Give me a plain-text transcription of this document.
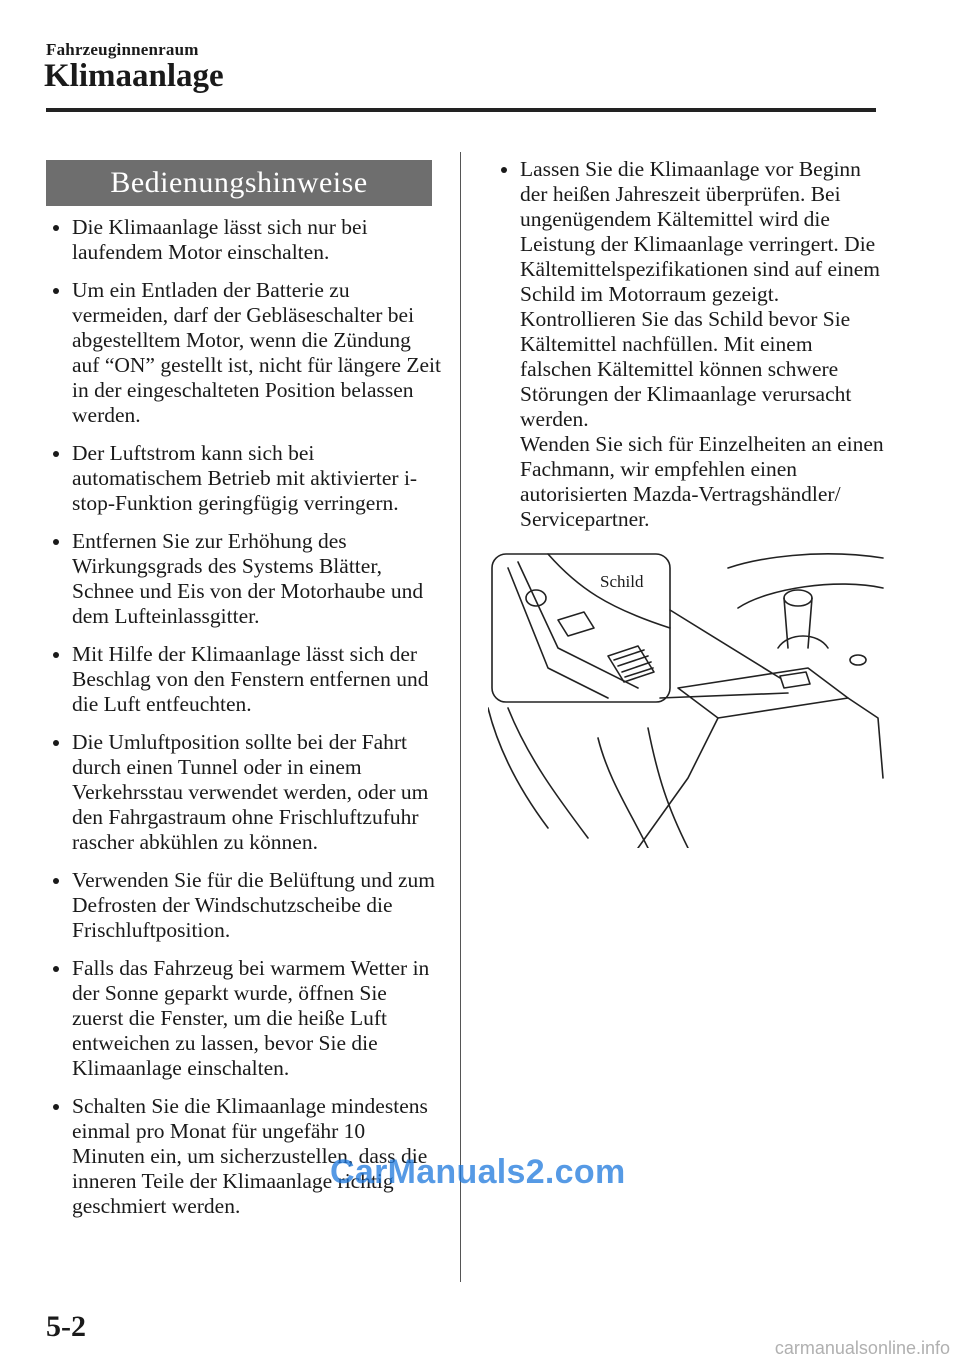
Fahrzeuginnenraum
Klimaanlage
Bedienungshinweise
Die Klimaanlage lässt sich nur bei laufendem Motor einschalten.
Um ein Entladen der Batterie zu vermeiden, darf der Gebläseschalter bei abgestelltem Motor, wenn die Zündung auf “ON” gestellt ist, nicht für längere Zeit in der eingeschalteten Position belassen werden.
Der Luftstrom kann sich bei automatischem Betrieb mit aktivierter i-stop-Funktion geringfügig verringern.
Entfernen Sie zur Erhöhung des Wirkungsgrads des Systems Blätter, Schnee und Eis von der Motorhaube und dem Lufteinlassgitter.
Mit Hilfe der Klimaanlage lässt sich der Beschlag von den Fenstern entfernen und die Luft entfeuchten.
Die Umluftposition sollte bei der Fahrt durch einen Tunnel oder in einem Verkehrsstau verwendet werden, oder um den Fahrgastraum ohne Frischluftzufuhr rascher abkühlen zu können.
Verwenden Sie für die Belüftung und zum Defrosten der Windschutzscheibe die Frischluftposition.
Falls das Fahrzeug bei warmem Wetter in der Sonne geparkt wurde, öffnen Sie zuerst die Fenster, um die heiße Luft entweichen zu lassen, bevor Sie die Klimaanlage einschalten.
Schalten Sie die Klimaanlage mindestens einmal pro Monat für ungefähr 10 Minuten ein, um sicherzustellen, dass die inneren Teile der Klimaanlage richtig geschmiert werden.
Lassen Sie die Klimaanlage vor Beginn der heißen Jahreszeit überprüfen. Bei ungenügendem Kältemittel wird die Leistung der Klimaanlage verringert. Die Kältemittelspezifikationen sind auf einem Schild im Motorraum gezeigt. Kontrollieren Sie das Schild bevor Sie Kältemittel nachfüllen. Mit einem falschen Kältemittel können schwere Störungen der Klimaanlage verursacht werden.
Wenden Sie sich für Einzelheiten an einen Fachmann, wir empfehlen einen autorisierten Mazda-Vertragshändler/ Servicepartner.
Schild
5-2
CarManuals2.com
carmanualsonline.info
